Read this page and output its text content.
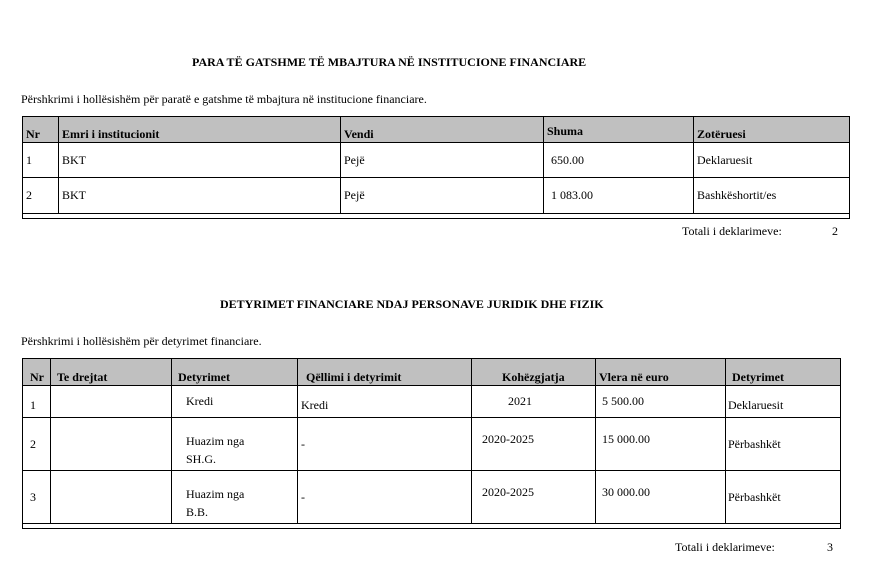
PARA TË GATSHME TË MBAJTURA NË INSTITUCIONE FINANCIARE
Përshkrimi i hollësishëm për paratë e gatshme të mbajtura në institucione financiare.
Nr	Emri i institucionit	Vendi	Shuma	Zotëruesi
1	BKT	Pejë	650.00	Deklaruesit
2	BKT	Pejë	1 083.00	Bashkëshortit/es

Totali i deklarimeve:	2
DETYRIMET FINANCIARE NDAJ PERSONAVE JURIDIK DHE FIZIK
Përshkrimi i hollësishëm për detyrimet financiare.
Nr	Te drejtat	Detyrimet	Qëllimi i detyrimit	Kohëzgjatja	Vlera në euro	Detyrimet
1		Kredi	Kredi	2021	5 500.00	Deklaruesit
2		Huazim nga SH.G.	-	2020-2025	15 000.00	Përbashkët
3		Huazim nga B.B.	-	2020-2025	30 000.00	Përbashkët

Totali i deklarimeve:	3
